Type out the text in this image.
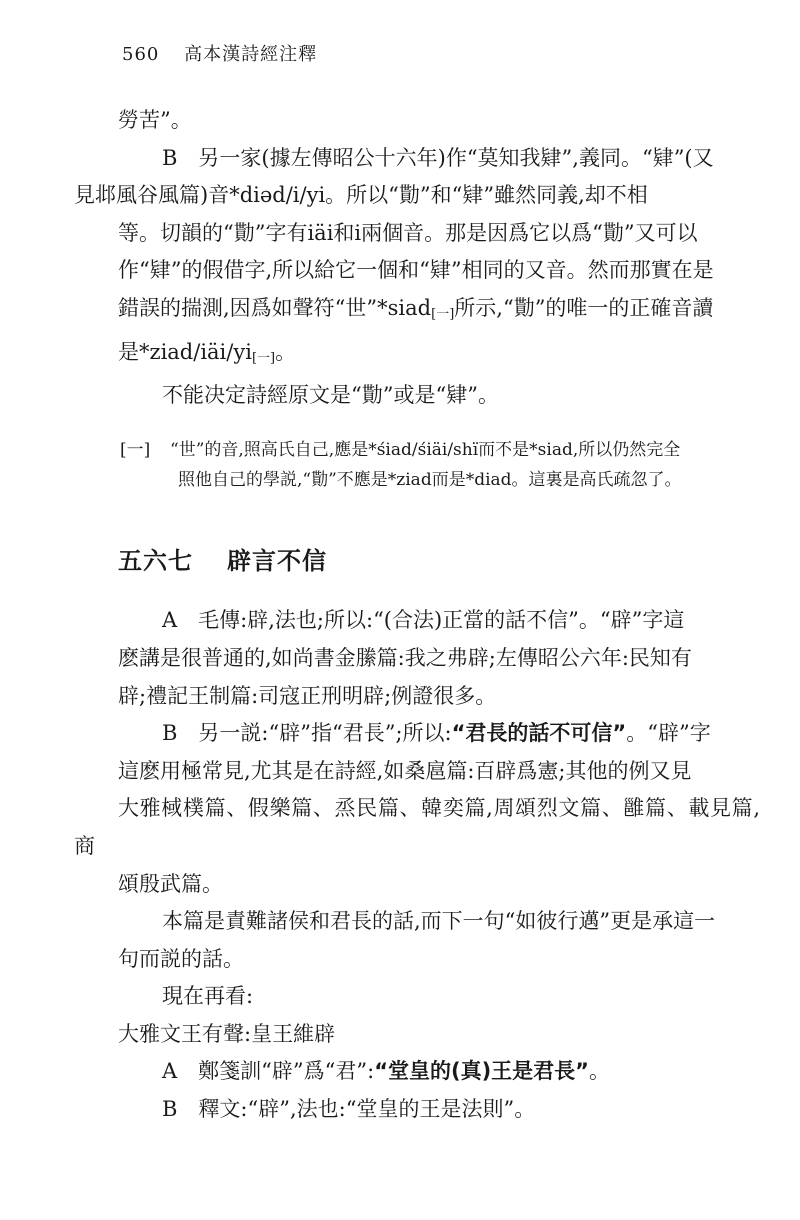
560 高本漢詩經注釋

勞苦”。

B　另一家(據左傳昭公十六年)作“莫知我肄”,義同。“肄”(又
見邶風谷風篇)音*diəd/i/yi。所以“勩”和“肄”雖然同義,却不相
等。切韻的“勩”字有iäi和i兩個音。那是因爲它以爲“勩”又可以
作“肄”的假借字,所以給它一個和“肄”相同的又音。然而那實在是
錯誤的揣測,因爲如聲符“世”*siad$_{[一]}$所示,“勩”的唯一的正確音讀
是$*ziad/iäi/yi_{[一]}$。

不能决定詩經原文是“勩”或是“肄”。

[一] “世”的音,照高氏自己,應是*śiad/śiäi/shï而不是*siad,所以仍然完全
照他自己的學説,“勩”不應是*ziad而是*diad。這裏是高氏疏忽了。

五六七 辟言不信

A　毛傳:辟,法也;所以:“(合法)正當的話不信”。“辟”字這
麽講是很普通的,如尚書金縢篇:我之弗辟;左傳昭公六年:民知有
辟;禮記王制篇:司寇正刑明辟;例證很多。

B　另一説:“辟”指“君長”;所以:“君長的話不可信”。“辟”字
這麽用極常見,尤其是在詩經,如桑扈篇:百辟爲憲;其他的例又見
大雅棫樸篇、假樂篇、烝民篇、韓奕篇,周頌烈文篇、雝篇、載見篇,商
頌殷武篇。

本篇是責難諸侯和君長的話,而下一句“如彼行邁”更是承這一
句而説的話。

現在再看:

大雅文王有聲:皇王維辟

A　鄭箋訓“辟”爲“君”:“堂皇的(真)王是君長”。

B　釋文:“辟”,法也:“堂皇的王是法則”。
